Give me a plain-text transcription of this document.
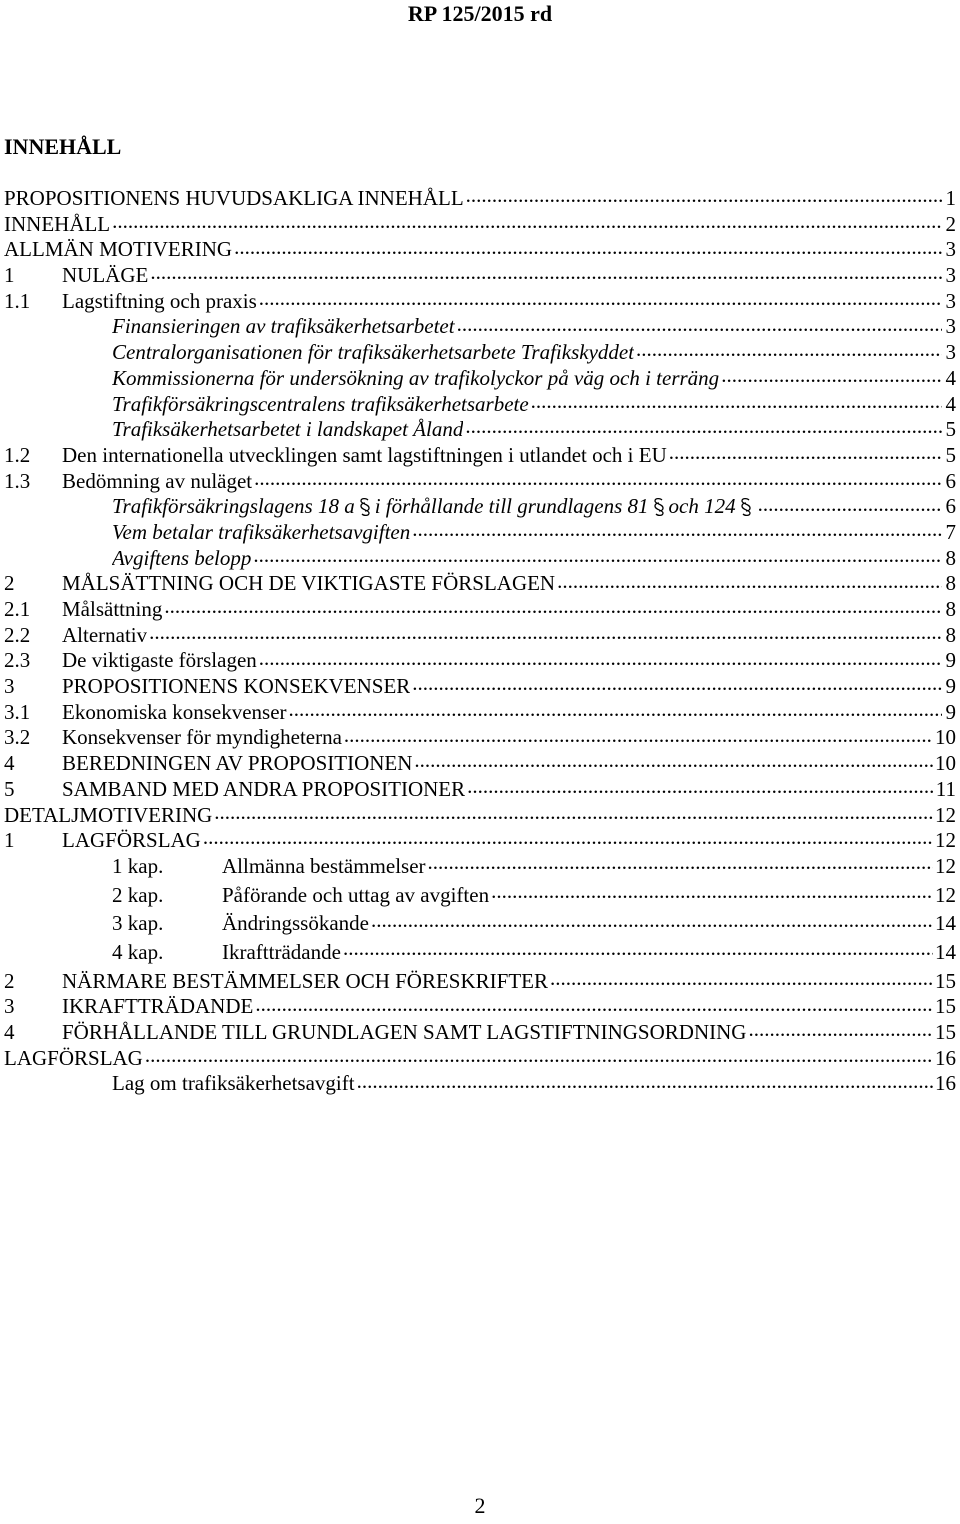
RP 125/2015 rd
INNEHÅLL
PROPOSITIONENS HUVUDSAKLIGA INNEHÅLL .....	1
INNEHÅLL .....	2
ALLMÄN MOTIVERING .....	3
1	NULÄGE .....	3
1.1	Lagstiftning och praxis .....	3
Finansieringen av trafiksäkerhetsarbetet .....	3
Centralorganisationen för trafiksäkerhetsarbete Trafikskyddet .....	3
Kommissionerna för undersökning av trafikolyckor på väg och i terräng .....	4
Trafikförsäkringscentralens trafiksäkerhetsarbete .....	4
Trafiksäkerhetsarbetet i landskapet Åland .....	5
1.2	Den internationella utvecklingen samt lagstiftningen i utlandet och i EU .....	5
1.3	Bedömning av nuläget .....	6
Trafikförsäkringslagens 18 a i förhållande till grundlagens 81 och 124 .....	6
Vem betalar trafiksäkerhetsavgiften .....	7
Avgiftens belopp .....	8
2	MÅLSÄTTNING OCH DE VIKTIGASTE FÖRSLAGEN .....	8
2.1	Målsättning .....	8
2.2	Alternativ .....	8
2.3	De viktigaste förslagen .....	9
3	PROPOSITIONENS KONSEKVENSER .....	9
3.1	Ekonomiska konsekvenser .....	9
3.2	Konsekvenser för myndigheterna .....	10
4	BEREDNINGEN AV PROPOSITIONEN .....	10
5	SAMBAND MED ANDRA PROPOSITIONER .....	11
DETALJMOTIVERING .....	12
1	LAGFÖRSLAG .....	12
1 kap.	Allmänna bestämmelser .....	12
2 kap.	Påförande och uttag av avgiften .....	12
3 kap.	Ändringssökande .....	14
4 kap.	Ikraftträdande .....	14
2	NÄRMARE BESTÄMMELSER OCH FÖRESKRIFTER .....	15
3	IKRAFTTRÄDANDE .....	15
4	FÖRHÅLLANDE TILL GRUNDLAGEN SAMT LAGSTIFTNINGSORDNING .....	15
LAGFÖRSLAG .....	16
Lag om trafiksäkerhetsavgift .....	16
2
